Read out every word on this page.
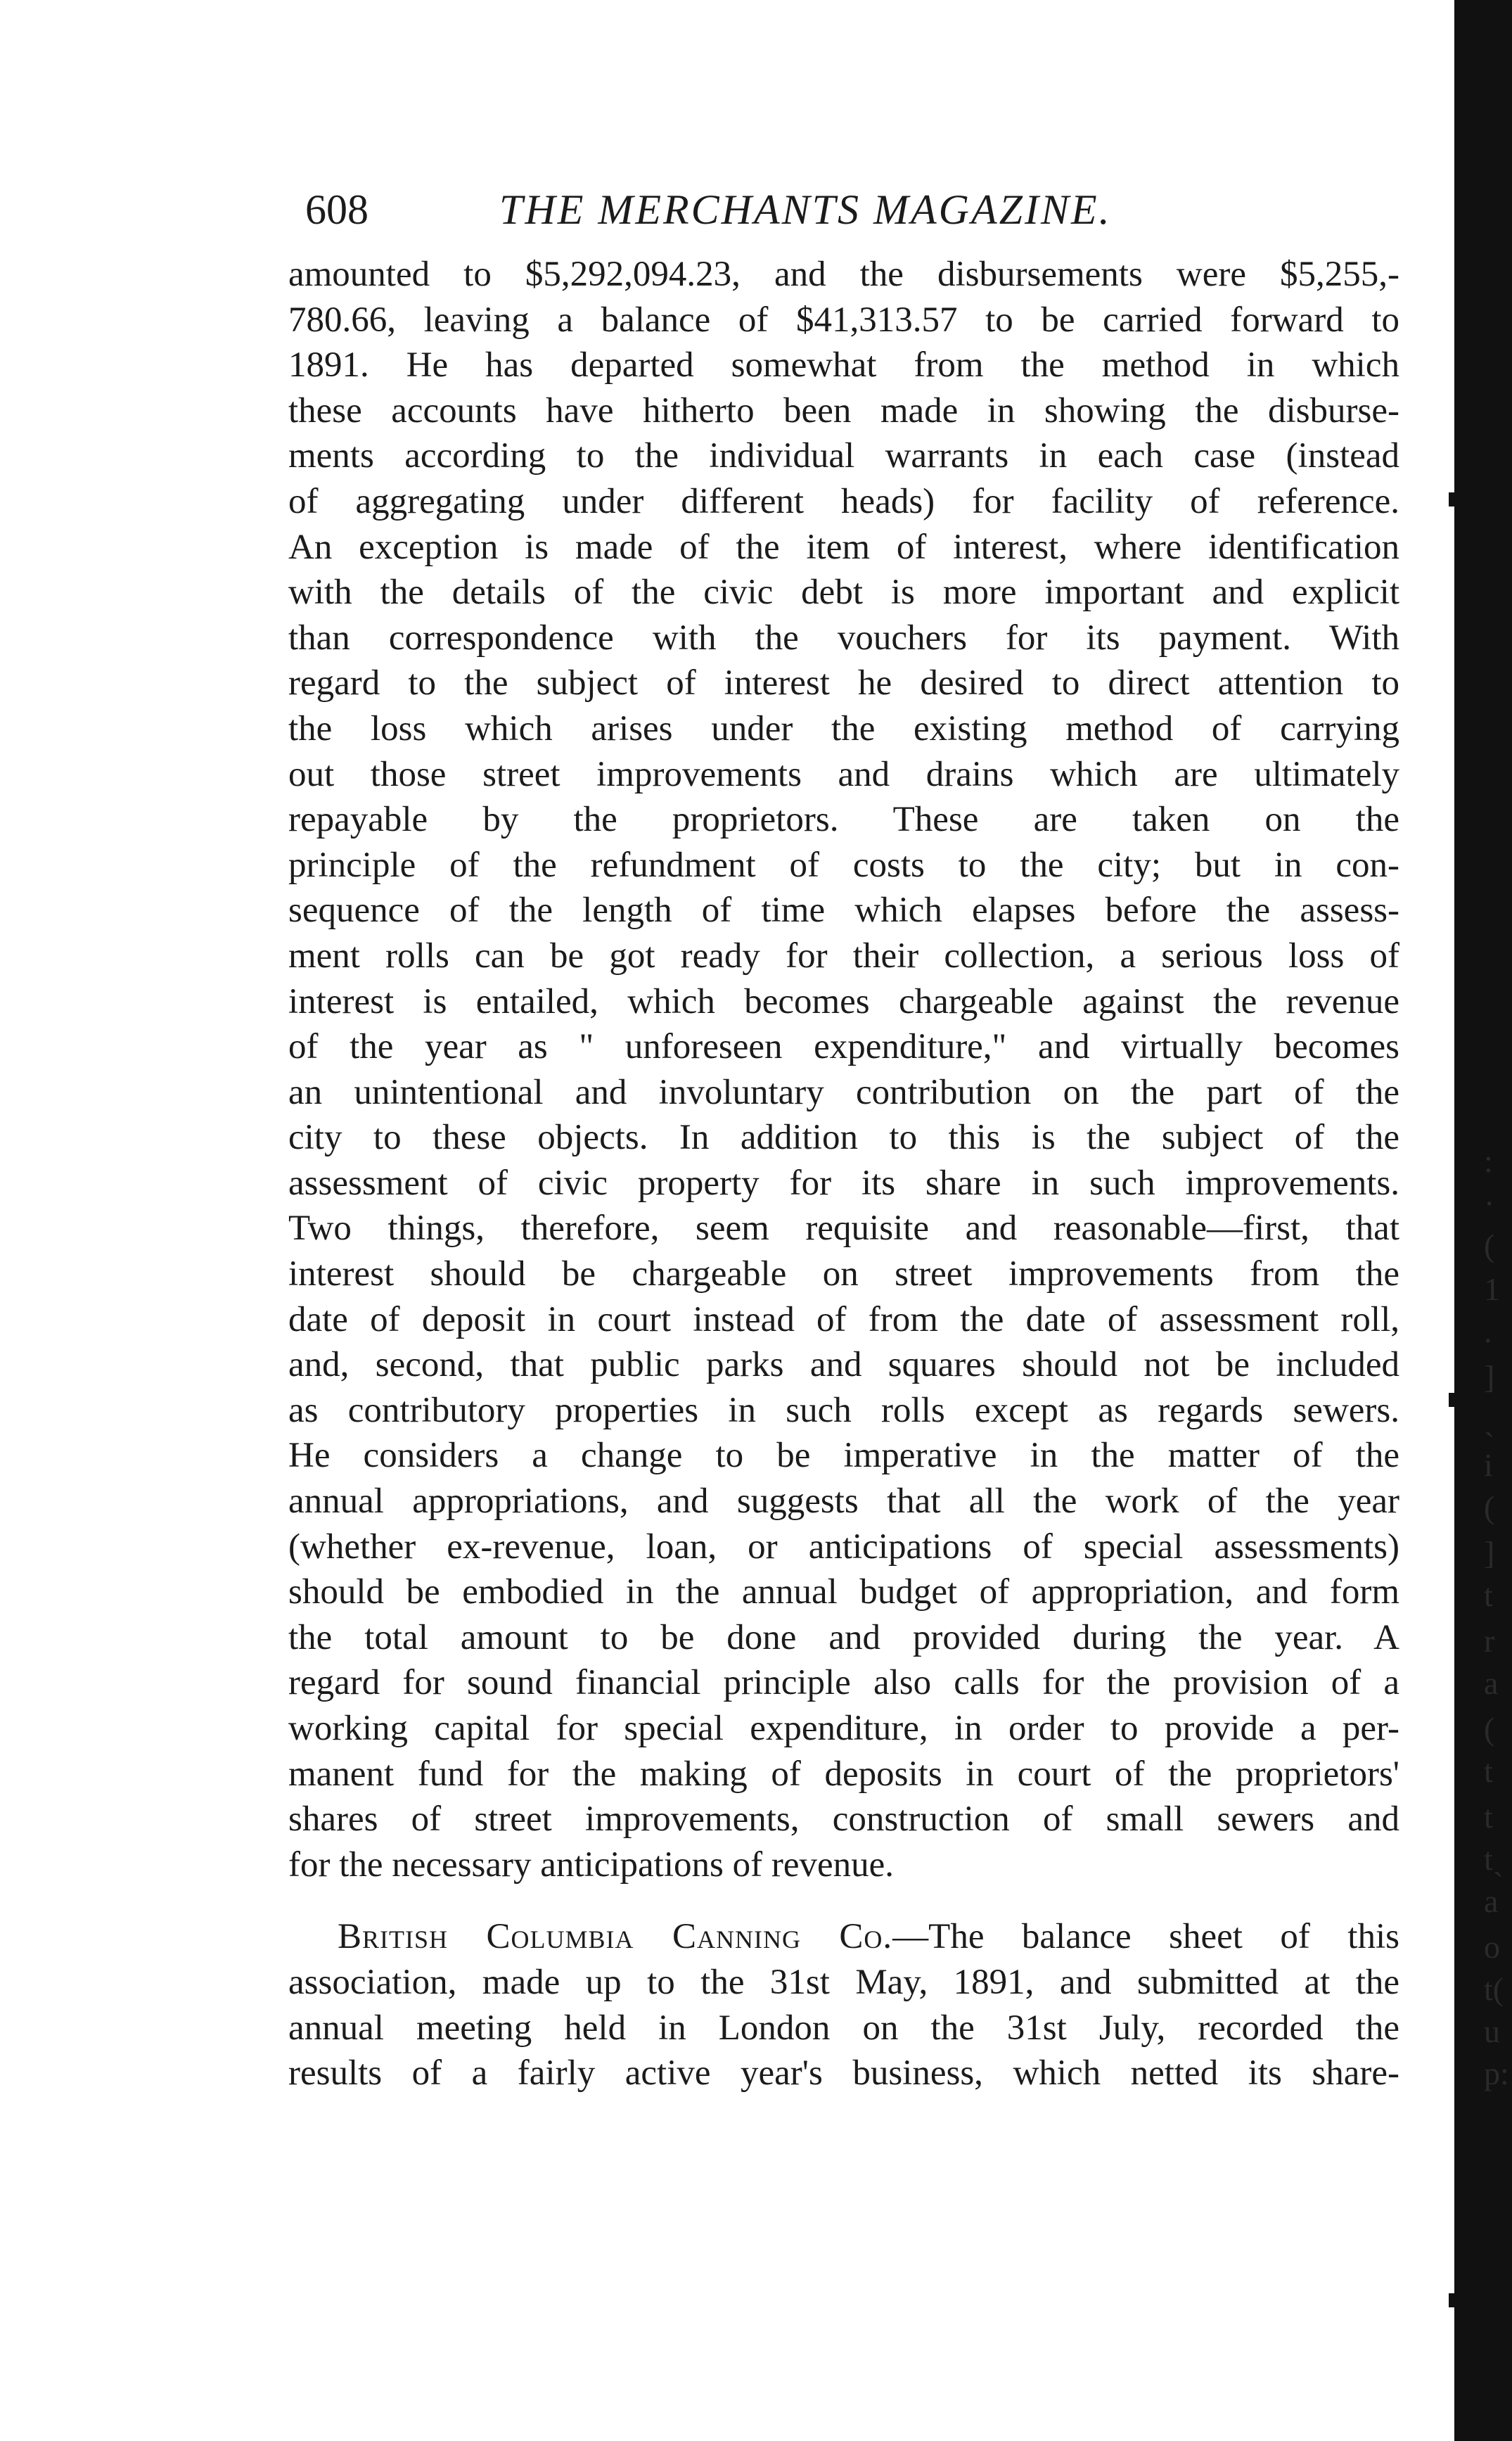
608	THE MERCHANTS MAGAZINE.
amounted to $5,292,094.23, and the disbursements were $5,255,-
780.66, leaving a balance of $41,313.57 to be carried forward to
1891. He has departed somewhat from the method in which
these accounts have hitherto been made in showing the disburse-
ments according to the individual warrants in each case (instead
of aggregating under different heads) for facility of reference.
An exception is made of the item of interest, where identification
with the details of the civic debt is more important and explicit
than correspondence with the vouchers for its payment. With
regard to the subject of interest he desired to direct attention to
the loss which arises under the existing method of carrying
out those street improvements and drains which are ultimately
repayable by the proprietors. These are taken on the
principle of the refundment of costs to the city; but in con-
sequence of the length of time which elapses before the assess-
ment rolls can be got ready for their collection, a serious loss of
interest is entailed, which becomes chargeable against the revenue
of the year as " unforeseen expenditure," and virtually becomes
an unintentional and involuntary contribution on the part of the
city to these objects. In addition to this is the subject of the
assessment of civic property for its share in such improvements.
Two things, therefore, seem requisite and reasonable—first, that
interest should be chargeable on street improvements from the
date of deposit in court instead of from the date of assessment roll,
and, second, that public parks and squares should not be included
as contributory properties in such rolls except as regards sewers.
He considers a change to be imperative in the matter of the
annual appropriations, and suggests that all the work of the year
(whether ex-revenue, loan, or anticipations of special assessments)
should be embodied in the annual budget of appropriation, and form
the total amount to be done and provided during the year. A
regard for sound financial principle also calls for the provision of a
working capital for special expenditure, in order to provide a per-
manent fund for the making of deposits in court of the proprietors'
shares of street improvements, construction of small sewers and
for the necessary anticipations of revenue.
British Columbia Canning Co.—The balance sheet of this
association, made up to the 31st May, 1891, and submitted at the
annual meeting held in London on the 31st July, recorded the
results of a fairly active year's business, which netted its share-
:
·
(
1
.
]
ˎ
i
(
]
t
r
a
(
t
t
tˎ
a
o
t(
u
p:
